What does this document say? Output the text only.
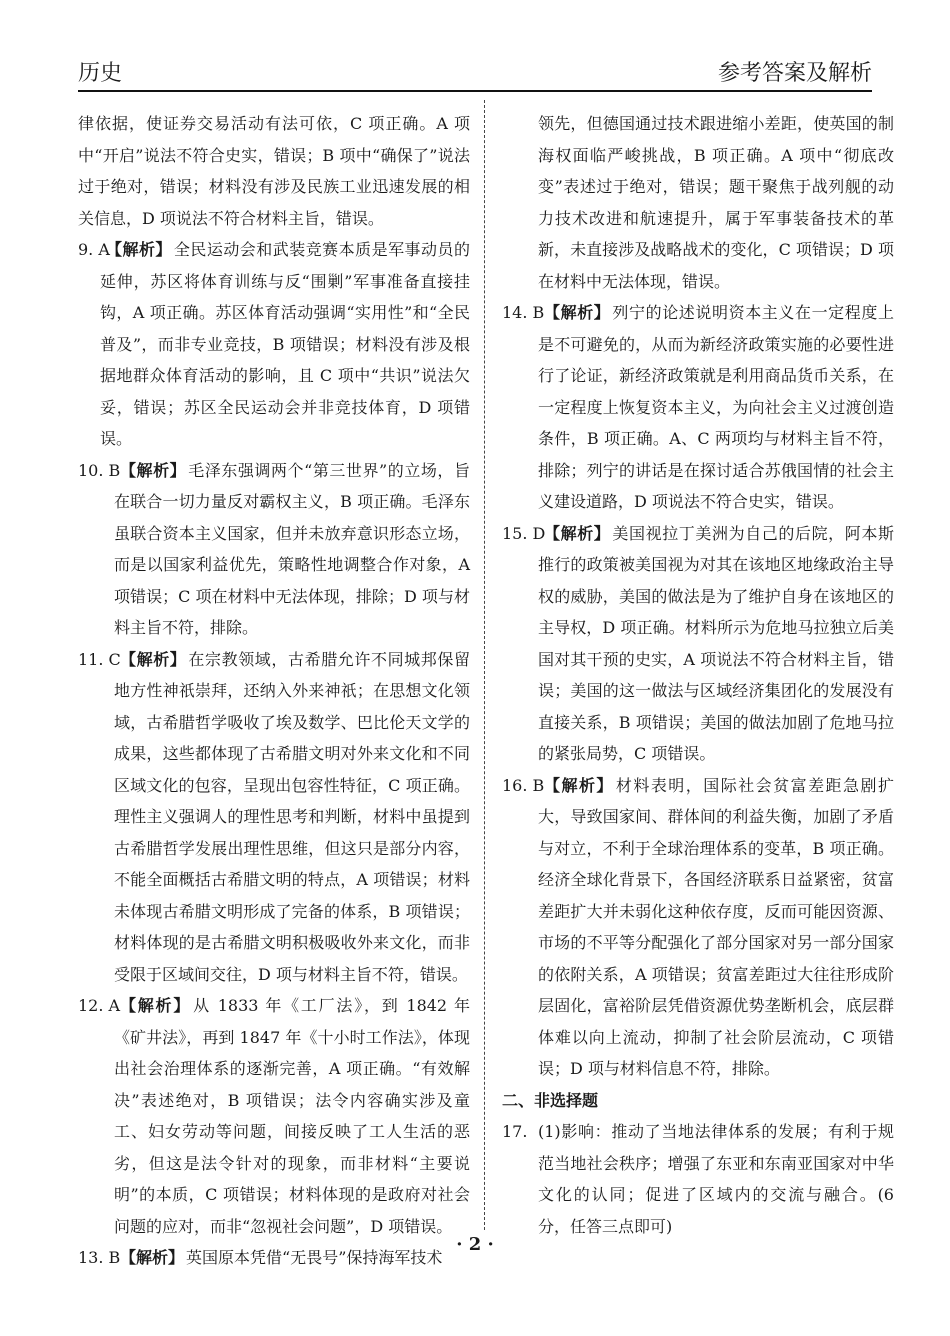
历史	参考答案及解析

律依据，使证券交易活动有法可依，C 项正确。A 项中“开启”说法不符合史实，错误；B 项中“确保了”说法过于绝对，错误；材料没有涉及民族工业迅速发展的相关信息，D 项说法不符合材料主旨，错误。

9. A
【解析】 全民运动会和武装竞赛本质是军事动员的延伸，苏区将体育训练与反“围剿”军事准备直接挂钩，A 项正确。苏区体育活动强调“实用性”和“全民普及”，而非专业竞技，B 项错误；材料没有涉及根据地群众体育活动的影响，且 C 项中“共识”说法欠妥，错误；苏区全民运动会并非竞技体育，D 项错误。

10. B 【解析】 毛泽东强调两个“第三世界”的立场，旨在联合一切力量反对霸权主义，B 项正确。毛泽东虽联合资本主义国家，但并未放弃意识形态立场，而是以国家利益优先，策略性地调整合作对象，A 项错误；C 项在材料中无法体现，排除；D 项与材料主旨不符，排除。

11. C 【解析】 在宗教领域，古希腊允许不同城邦保留地方性神祇崇拜，还纳入外来神祇；在思想文化领域，古希腊哲学吸收了埃及数学、巴比伦天文学的成果，这些都体现了古希腊文明对外来文化和不同区域文化的包容，呈现出包容性特征，C 项正确。理性主义强调人的理性思考和判断，材料中虽提到古希腊哲学发展出理性思维，但这只是部分内容，不能全面概括古希腊文明的特点，A 项错误；材料未体现古希腊文明形成了完备的体系，B 项错误；材料体现的是古希腊文明积极吸收外来文化，而非受限于区域间交往，D 项与材料主旨不符，错误。

12. A 【解析】 从 1833 年《工厂法》，到 1842 年《矿井法》，再到 1847 年《十小时工作法》，体现出社会治理体系的逐渐完善，A 项正确。“有效解决”表述绝对，B 项错误；法令内容确实涉及童工、妇女劳动等问题，间接反映了工人生活的恶劣，但这是法令针对的现象，而非材料“主要说明”的本质，C 项错误；材料体现的是政府对社会问题的应对，而非“忽视社会问题”，D 项错误。

13. B 【解析】 英国原本凭借“无畏号”保持海军技术

领先，但德国通过技术跟进缩小差距，使英国的制海权面临严峻挑战，B 项正确。A 项中“彻底改变”表述过于绝对，错误；题干聚焦于战列舰的动力技术改进和航速提升，属于军事装备技术的革新，未直接涉及战略战术的变化，C 项错误；D 项在材料中无法体现，错误。

14. B 【解析】 列宁的论述说明资本主义在一定程度上是不可避免的，从而为新经济政策实施的必要性进行了论证，新经济政策就是利用商品货币关系，在一定程度上恢复资本主义，为向社会主义过渡创造条件，B 项正确。A、C 两项均与材料主旨不符，排除；列宁的讲话是在探讨适合苏俄国情的社会主义建设道路，D 项说法不符合史实，错误。

15. D
【解析】 美国视拉丁美洲为自己的后院，阿本斯推行的政策被美国视为对其在该地区地缘政治主导权的威胁，美国的做法是为了维护自身在该地区的主导权，D 项正确。材料所示为危地马拉独立后美国对其干预的史实，A 项说法不符合材料主旨，错误；美国的这一做法与区域经济集团化的发展没有直接关系，B 项错误；美国的做法加剧了危地马拉的紧张局势，C 项错误。

16. B 【解析】 材料表明，国际社会贫富差距急剧扩大，导致国家间、群体间的利益失衡，加剧了矛盾与对立，不利于全球治理体系的变革，B 项正确。经济全球化背景下，各国经济联系日益紧密，贫富差距扩大并未弱化这种依存度，反而可能因资源、市场的不平等分配强化了部分国家对另一部分国家的依附关系，A 项错误；贫富差距过大往往形成阶层固化，富裕阶层凭借资源优势垄断机会，底层群体难以向上流动，抑制了社会阶层流动，C 项错误；D 项与材料信息不符，排除。

二、非选择题

17. (1)影响：推动了当地法律体系的发展；有利于规范当地社会秩序；增强了东亚和东南亚国家对中华文化的认同；促进了区域内的交流与融合。(6 分，任答三点即可)

· 2 ·
